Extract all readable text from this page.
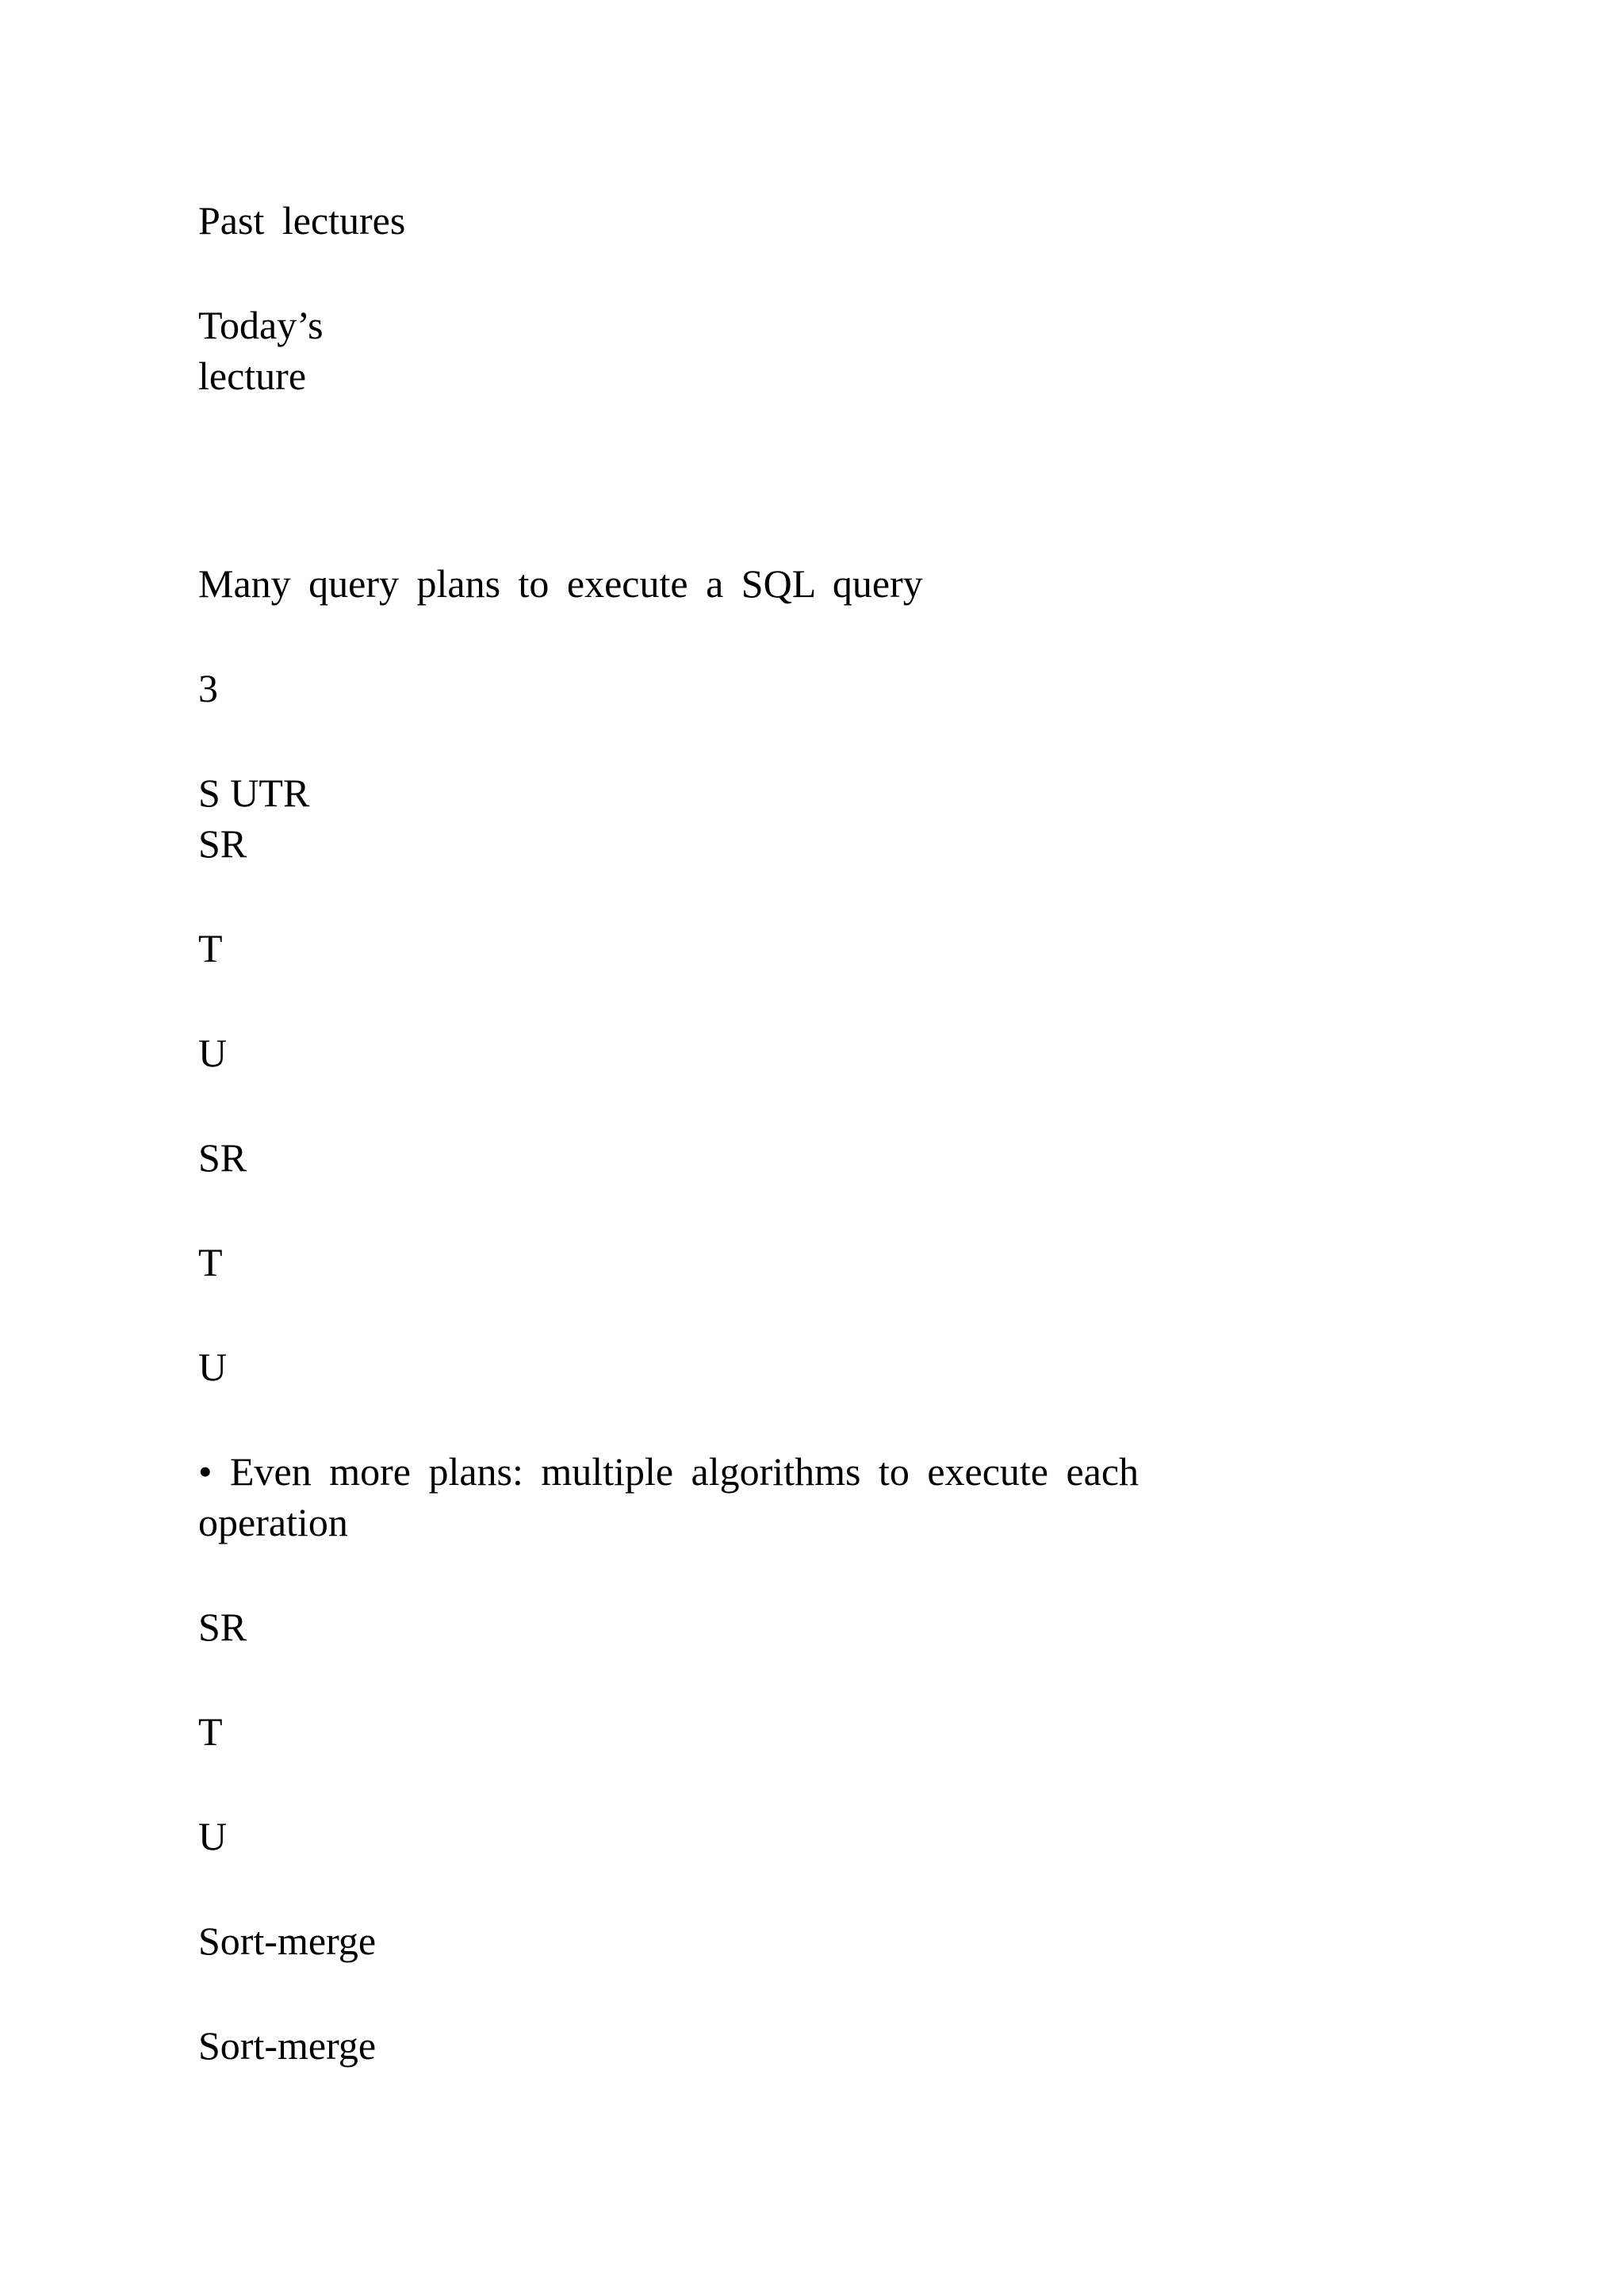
Past lectures

Today’s

lecture

Many query plans to execute a SQL query

3

S UTR

SR

T

U

SR

T

U

• Even more plans: multiple algorithms to execute each

operation

SR

T

U

Sort-merge

Sort-merge
